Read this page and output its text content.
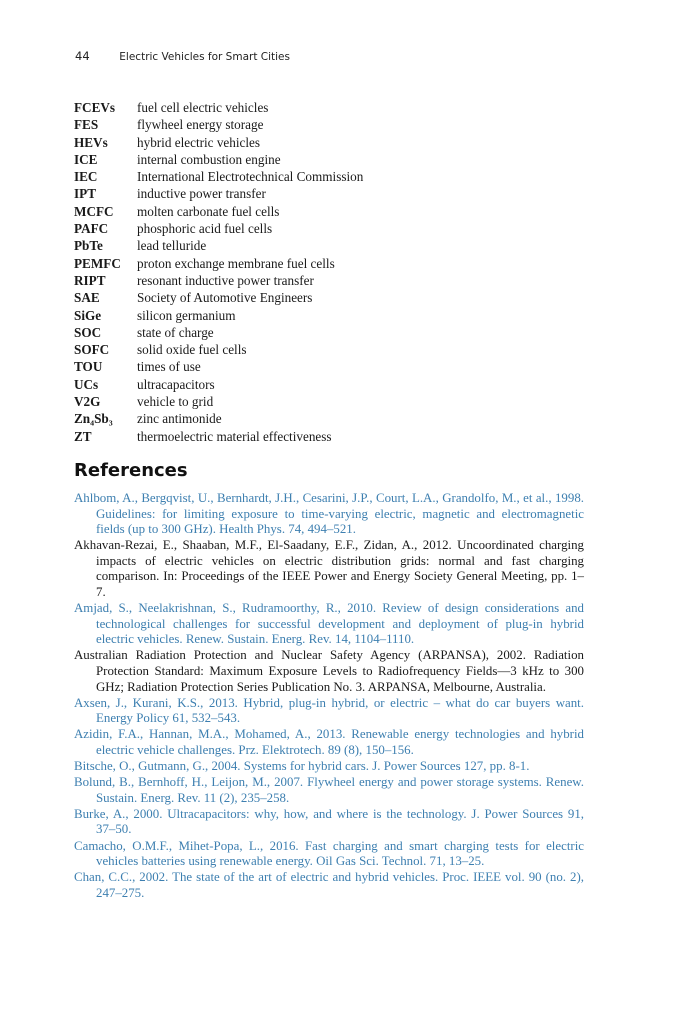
44	Electric Vehicles for Smart Cities
FCEVs	fuel cell electric vehicles
FES	flywheel energy storage
HEVs	hybrid electric vehicles
ICE	internal combustion engine
IEC	International Electrotechnical Commission
IPT	inductive power transfer
MCFC	molten carbonate fuel cells
PAFC	phosphoric acid fuel cells
PbTe	lead telluride
PEMFC	proton exchange membrane fuel cells
RIPT	resonant inductive power transfer
SAE	Society of Automotive Engineers
SiGe	silicon germanium
SOC	state of charge
SOFC	solid oxide fuel cells
TOU	times of use
UCs	ultracapacitors
V2G	vehicle to grid
Zn₄Sb₃	zinc antimonide
ZT	thermoelectric material effectiveness
References
Ahlbom, A., Bergqvist, U., Bernhardt, J.H., Cesarini, J.P., Court, L.A., Grandolfo, M., et al., 1998. Guidelines: for limiting exposure to time-varying electric, magnetic and electromagnetic fields (up to 300 GHz). Health Phys. 74, 494–521.
Akhavan-Rezai, E., Shaaban, M.F., El-Saadany, E.F., Zidan, A., 2012. Uncoordinated charging impacts of electric vehicles on electric distribution grids: normal and fast charging comparison. In: Proceedings of the IEEE Power and Energy Society General Meeting, pp. 1–7.
Amjad, S., Neelakrishnan, S., Rudramoorthy, R., 2010. Review of design considerations and technological challenges for successful development and deployment of plug-in hybrid electric vehicles. Renew. Sustain. Energ. Rev. 14, 1104–1110.
Australian Radiation Protection and Nuclear Safety Agency (ARPANSA), 2002. Radiation Protection Standard: Maximum Exposure Levels to Radiofrequency Fields—3 kHz to 300 GHz; Radiation Protection Series Publication No. 3. ARPANSA, Melbourne, Australia.
Axsen, J., Kurani, K.S., 2013. Hybrid, plug-in hybrid, or electric – what do car buyers want. Energy Policy 61, 532–543.
Azidin, F.A., Hannan, M.A., Mohamed, A., 2013. Renewable energy technologies and hybrid electric vehicle challenges. Prz. Elektrotech. 89 (8), 150–156.
Bitsche, O., Gutmann, G., 2004. Systems for hybrid cars. J. Power Sources 127, pp. 8-1.
Bolund, B., Bernhoff, H., Leijon, M., 2007. Flywheel energy and power storage systems. Renew. Sustain. Energ. Rev. 11 (2), 235–258.
Burke, A., 2000. Ultracapacitors: why, how, and where is the technology. J. Power Sources 91, 37–50.
Camacho, O.M.F., Mihet-Popa, L., 2016. Fast charging and smart charging tests for electric vehicles batteries using renewable energy. Oil Gas Sci. Technol. 71, 13–25.
Chan, C.C., 2002. The state of the art of electric and hybrid vehicles. Proc. IEEE vol. 90 (no. 2), 247–275.
